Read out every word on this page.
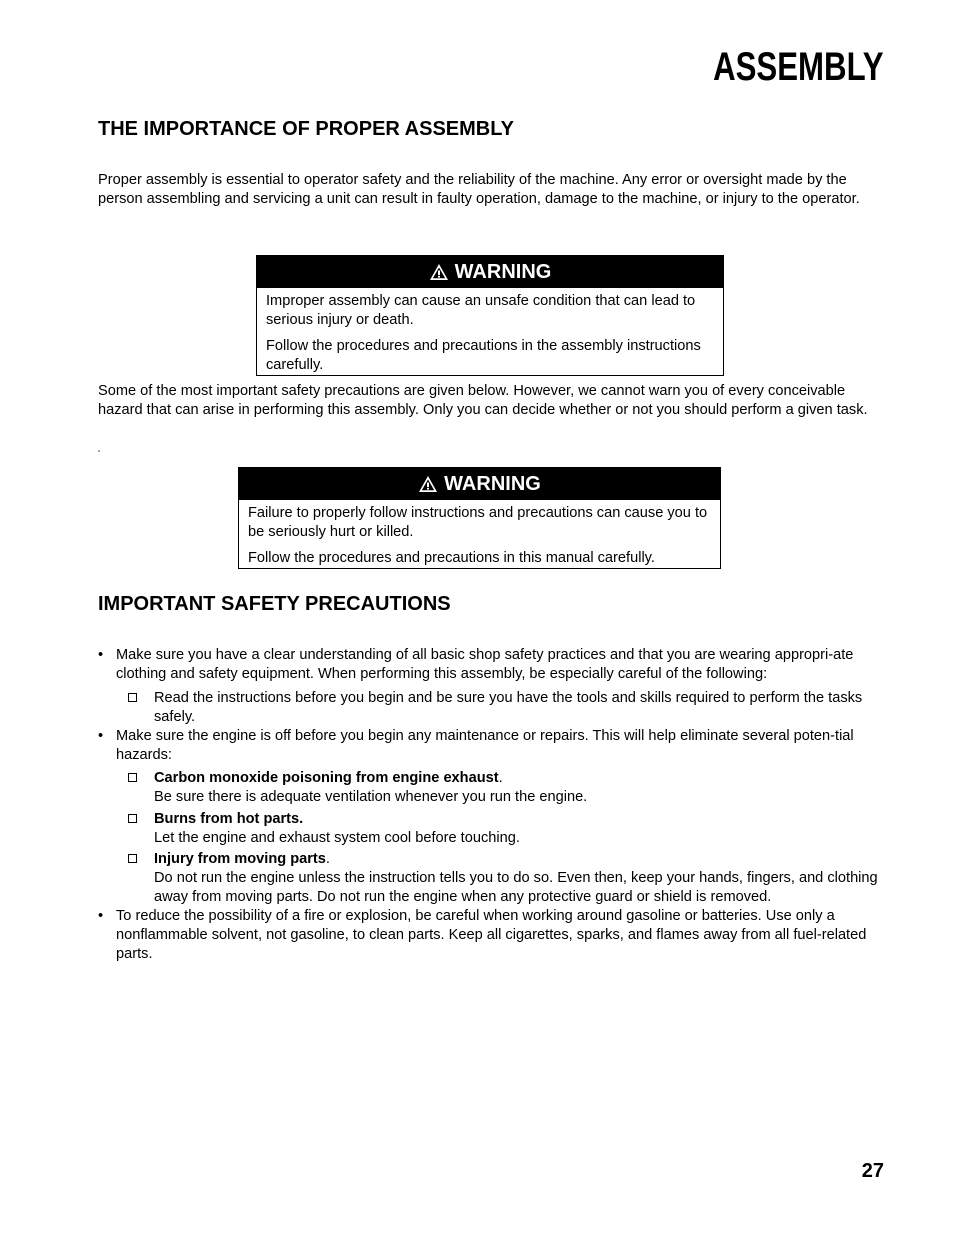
ASSEMBLY
THE IMPORTANCE OF PROPER ASSEMBLY

Proper assembly is essential to operator safety and the reliability of the machine. Any error or oversight made by the person assembling and servicing a unit can result in faulty operation, damage to the machine, or injury to the operator.

WARNING

Improper assembly can cause an unsafe condition that can lead to serious injury or death.

Follow the procedures and precautions in the assembly instructions carefully.

Some of the most important safety precautions are given below. However, we cannot warn you of every conceivable hazard that can arise in performing this assembly. Only you can decide whether or not you should perform a given task.

WARNING

Failure to properly follow instructions and precautions can cause you to be seriously hurt or killed.

Follow the procedures and precautions in this manual carefully.

IMPORTANT SAFETY PRECAUTIONS

• Make sure you have a clear understanding of all basic shop safety practices and that you are wearing appropri-ate clothing and safety equipment. When performing this assembly, be especially careful of the following:

Read the instructions before you begin and be sure you have the tools and skills required to perform the tasks safely.

• Make sure the engine is off before you begin any maintenance or repairs. This will help eliminate several poten-tial hazards:

Carbon monoxide poisoning from engine exhaust.
Be sure there is adequate ventilation whenever you run the engine.

Burns from hot parts.
Let the engine and exhaust system cool before touching.

Injury from moving parts.
Do not run the engine unless the instruction tells you to do so. Even then, keep your hands, fingers, and clothing away from moving parts. Do not run the engine when any protective guard or shield is removed.

• To reduce the possibility of a fire or explosion, be careful when working around gasoline or batteries. Use only a nonflammable solvent, not gasoline, to clean parts. Keep all cigarettes, sparks, and flames away from all fuel-related parts.

27
